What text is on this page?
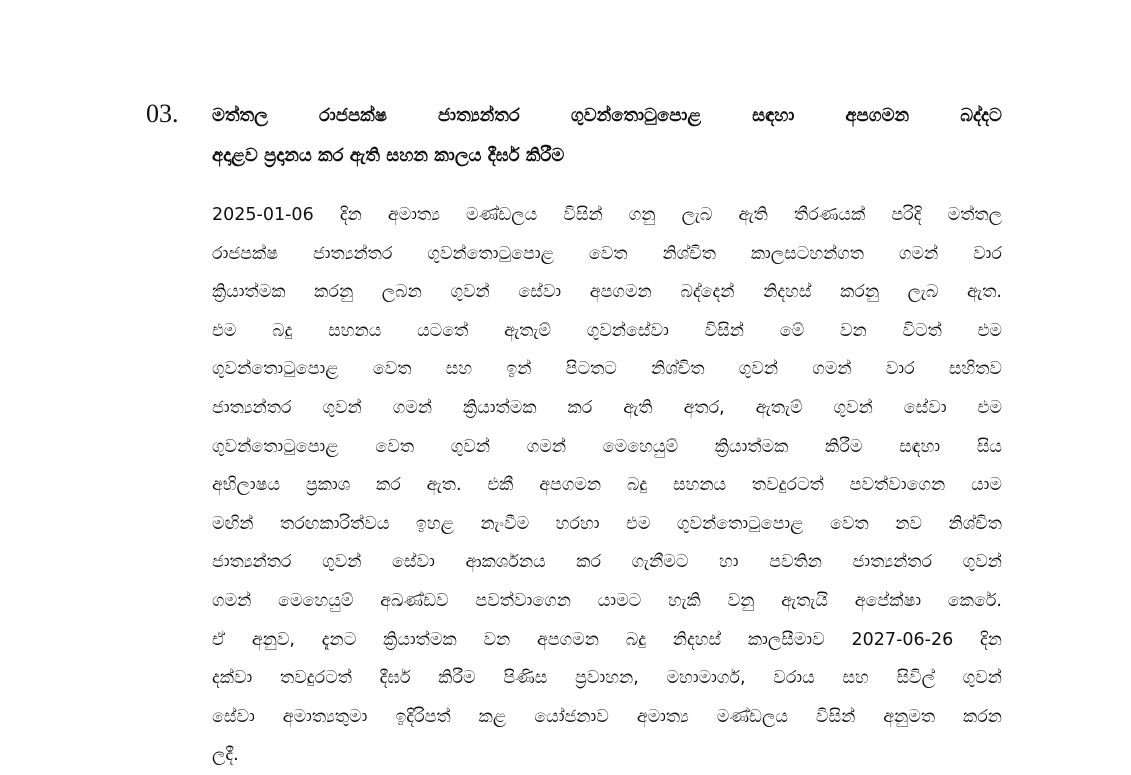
03. මත්තල රාජපක්ෂ ජාත්‍යන්තර ගුවන්තොටුපොළ සඳහා අපගමන බද්දට
අදාළව ප්‍රදානය කර ඇති සහන කාලය දීර්ඝ කිරීම
2025-01-06 දින අමාත්‍ය මණ්ඩලය විසින් ගනු ලැබ ඇති තීරණයක් පරිදි මත්තල
රාජපක්ෂ ජාත්‍යන්තර ගුවන්තොටුපොළ වෙත නිශ්චිත කාලසටහන්ගත ගමන් වාර
ක්‍රියාත්මක කරනු ලබන ගුවන් සේවා අපගමන බද්දෙන් නිදහස් කරනු ලැබ ඇත.
එම බදු සහනය යටතේ ඇතැම් ගුවන්සේවා විසින් මේ වන විටත් එම
ගුවන්තොටුපොළ වෙත සහ ඉන් පිටතට නිශ්චිත ගුවන් ගමන් වාර සහිතව
ජාත්‍යන්තර ගුවන් ගමන් ක්‍රියාත්මක කර ඇති අතර, ඇතැම් ගුවන් සේවා එම
ගුවන්තොටුපොළ වෙත ගුවන් ගමන් මෙහෙයුම් ක්‍රියාත්මක කිරීම සඳහා සිය
අභිලාෂය ප්‍රකාශ කර ඇත. එකී අපගමන බදු සහනය තවදුරටත් පවත්වාගෙන යාම
මඟින් තරඟකාරිත්වය ඉහළ නැංවීම හරහා එම ගුවන්තොටුපොළ වෙත නව නිශ්චිත
ජාත්‍යන්තර ගුවන් සේවා ආකර්ශනය කර ගැනීමට හා පවතින ජාත්‍යන්තර ගුවන්
ගමන් මෙහෙයුම් අඛණ්ඩව පවත්වාගෙන යාමට හැකි වනු ඇතැයි අපේක්ෂා කෙරේ.
ඒ අනුව, දැනට ක්‍රියාත්මක වන අපගමන බදු නිදහස් කාලසීමාව 2027-06-26 දින
දක්වා තවදුරටත් දීර්ඝ කිරීම පිණිස ප්‍රවාහන, මහාමාර්ග, වරාය සහ සිවිල් ගුවන්
සේවා අමාත්‍යතුමා ඉදිරිපත් කළ යෝජනාව අමාත්‍ය මණ්ඩලය විසින් අනුමත කරන
ලදී.
